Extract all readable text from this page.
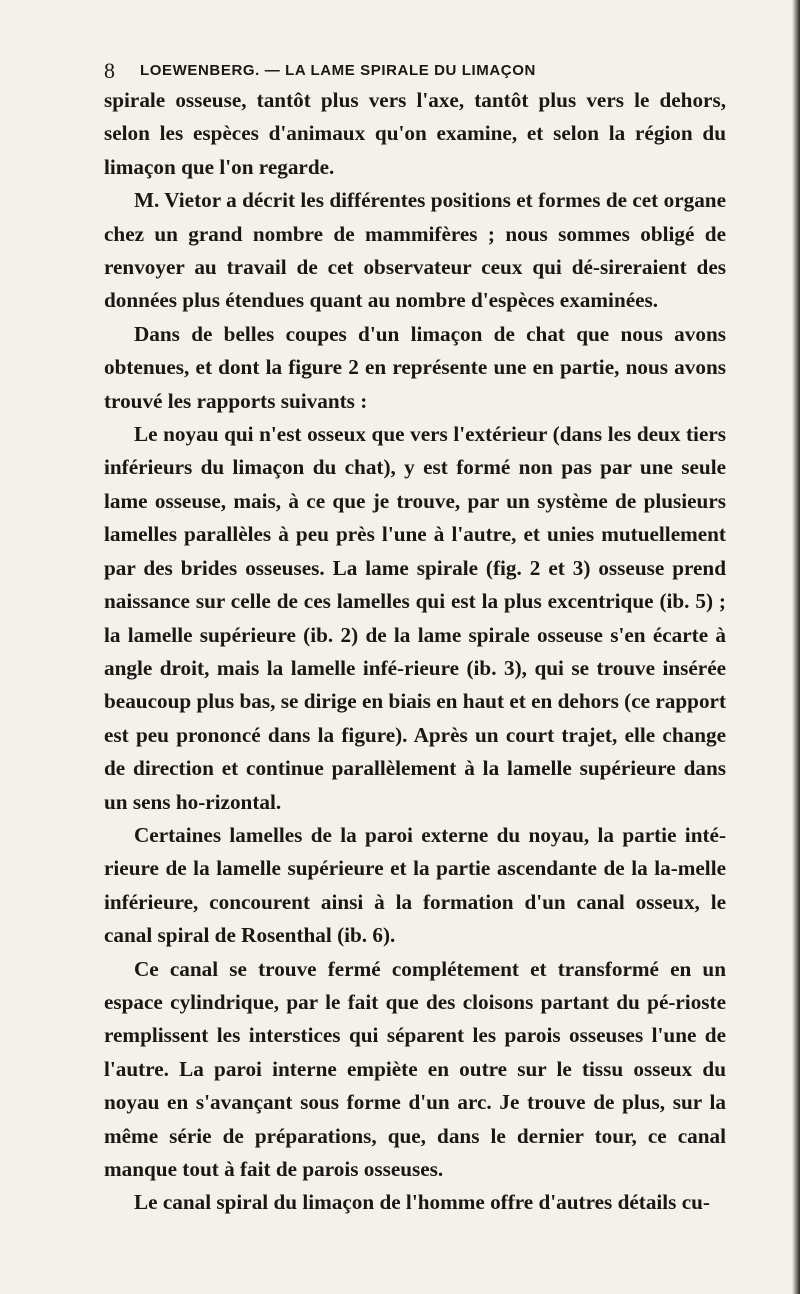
8 LOEWENBERG. — LA LAME SPIRALE DU LIMAÇON

spirale osseuse, tantôt plus vers l'axe, tantôt plus vers le dehors, selon les espèces d'animaux qu'on examine, et selon la région du limaçon que l'on regarde.

M. Vietor a décrit les différentes positions et formes de cet organe chez un grand nombre de mammifères ; nous sommes obligé de renvoyer au travail de cet observateur ceux qui dé-sireraient des données plus étendues quant au nombre d'espèces examinées.

Dans de belles coupes d'un limaçon de chat que nous avons obtenues, et dont la figure 2 en représente une en partie, nous avons trouvé les rapports suivants :

Le noyau qui n'est osseux que vers l'extérieur (dans les deux tiers inférieurs du limaçon du chat), y est formé non pas par une seule lame osseuse, mais, à ce que je trouve, par un système de plusieurs lamelles parallèles à peu près l'une à l'autre, et unies mutuellement par des brides osseuses. La lame spirale (fig. 2 et 3) osseuse prend naissance sur celle de ces lamelles qui est la plus excentrique (ib. 5) ; la lamelle supérieure (ib. 2) de la lame spirale osseuse s'en écarte à angle droit, mais la lamelle infé-rieure (ib. 3), qui se trouve insérée beaucoup plus bas, se dirige en biais en haut et en dehors (ce rapport est peu prononcé dans la figure). Après un court trajet, elle change de direction et continue parallèlement à la lamelle supérieure dans un sens ho-rizontal.

Certaines lamelles de la paroi externe du noyau, la partie inté-rieure de la lamelle supérieure et la partie ascendante de la la-melle inférieure, concourent ainsi à la formation d'un canal osseux, le canal spiral de Rosenthal (ib. 6).

Ce canal se trouve fermé complétement et transformé en un espace cylindrique, par le fait que des cloisons partant du pé-rioste remplissent les interstices qui séparent les parois osseuses l'une de l'autre. La paroi interne empiète en outre sur le tissu osseux du noyau en s'avançant sous forme d'un arc. Je trouve de plus, sur la même série de préparations, que, dans le dernier tour, ce canal manque tout à fait de parois osseuses.

Le canal spiral du limaçon de l'homme offre d'autres détails cu-
